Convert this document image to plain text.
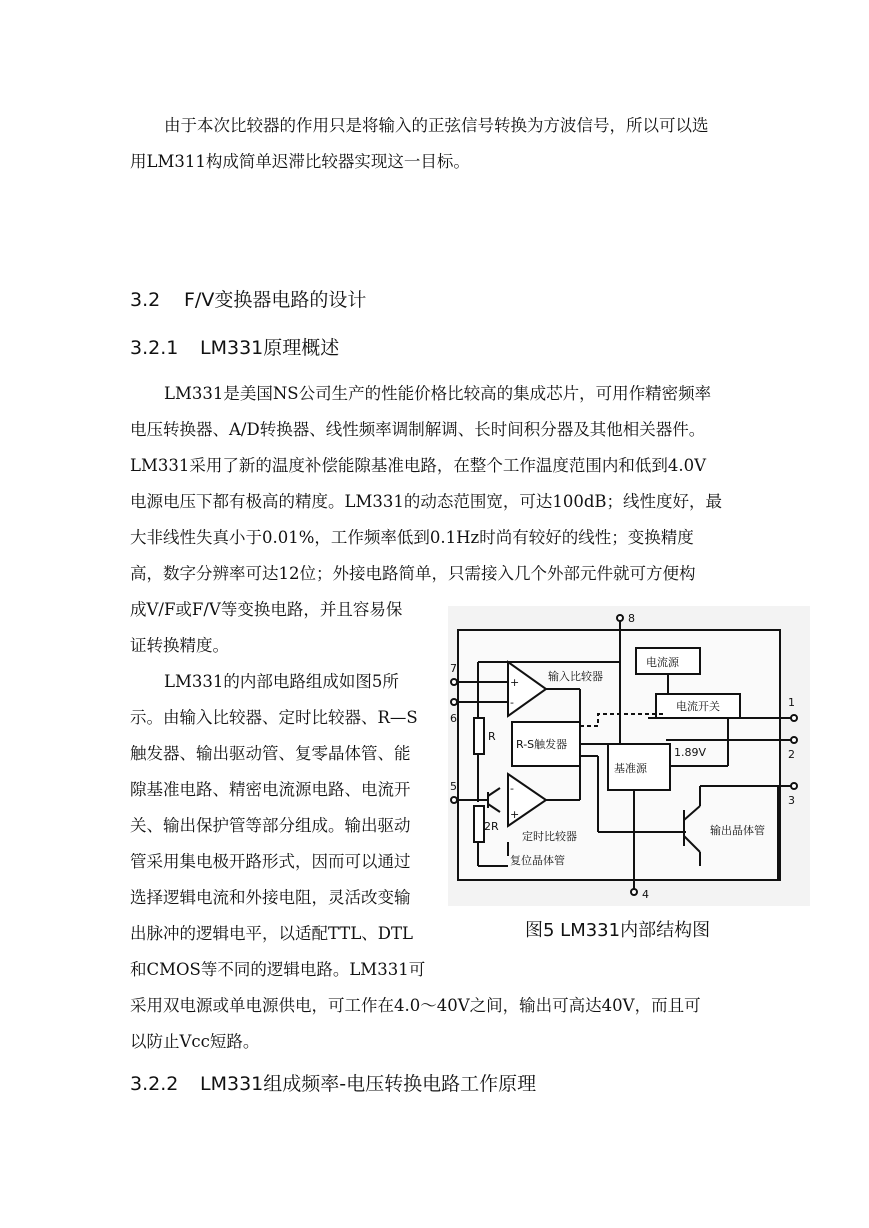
由于本次比较器的作用只是将输入的正弦信号转换为方波信号，所以可以选
用LM311构成简单迟滞比较器实现这一目标。
3.2 F/V变换器电路的设计
3.2.1 LM331原理概述
LM331是美国NS公司生产的性能价格比较高的集成芯片，可用作精密频率
电压转换器、A/D转换器、线性频率调制解调、长时间积分器及其他相关器件。
LM331采用了新的温度补偿能隙基准电路，在整个工作温度范围内和低到4.0V
电源电压下都有极高的精度。LM331的动态范围宽，可达100dB；线性度好，最
大非线性失真小于0.01%，工作频率低到0.1Hz时尚有较好的线性；变换精度
高，数字分辨率可达12位；外接电路简单，只需接入几个外部元件就可方便构
成V/F或F/V等变换电路，并且容易保
证转换精度。
LM331的内部电路组成如图5所
示。由输入比较器、定时比较器、R—S
触发器、输出驱动管、复零晶体管、能
隙基准电路、精密电流源电路、电流开
关、输出保护管等部分组成。输出驱动
管采用集电极开路形式，因而可以通过
选择逻辑电流和外接电阻，灵活改变输
出脉冲的逻辑电平，以适配TTL、DTL
和CMOS等不同的逻辑电路。LM331可
采用双电源或单电源供电，可工作在4.0～40V之间，输出可高达40V，而且可
以防止Vcc短路。
3.2.2 LM331组成频率-电压转换电路工作原理
8
7
6
5
1
2
3
4
电流源
输入比较器
电流开关
R-S触发器
基准源
定时比较器	输出晶体管
复位晶体管
1.89V
R
2R
+
-
-
+
图5 LM331内部结构图
